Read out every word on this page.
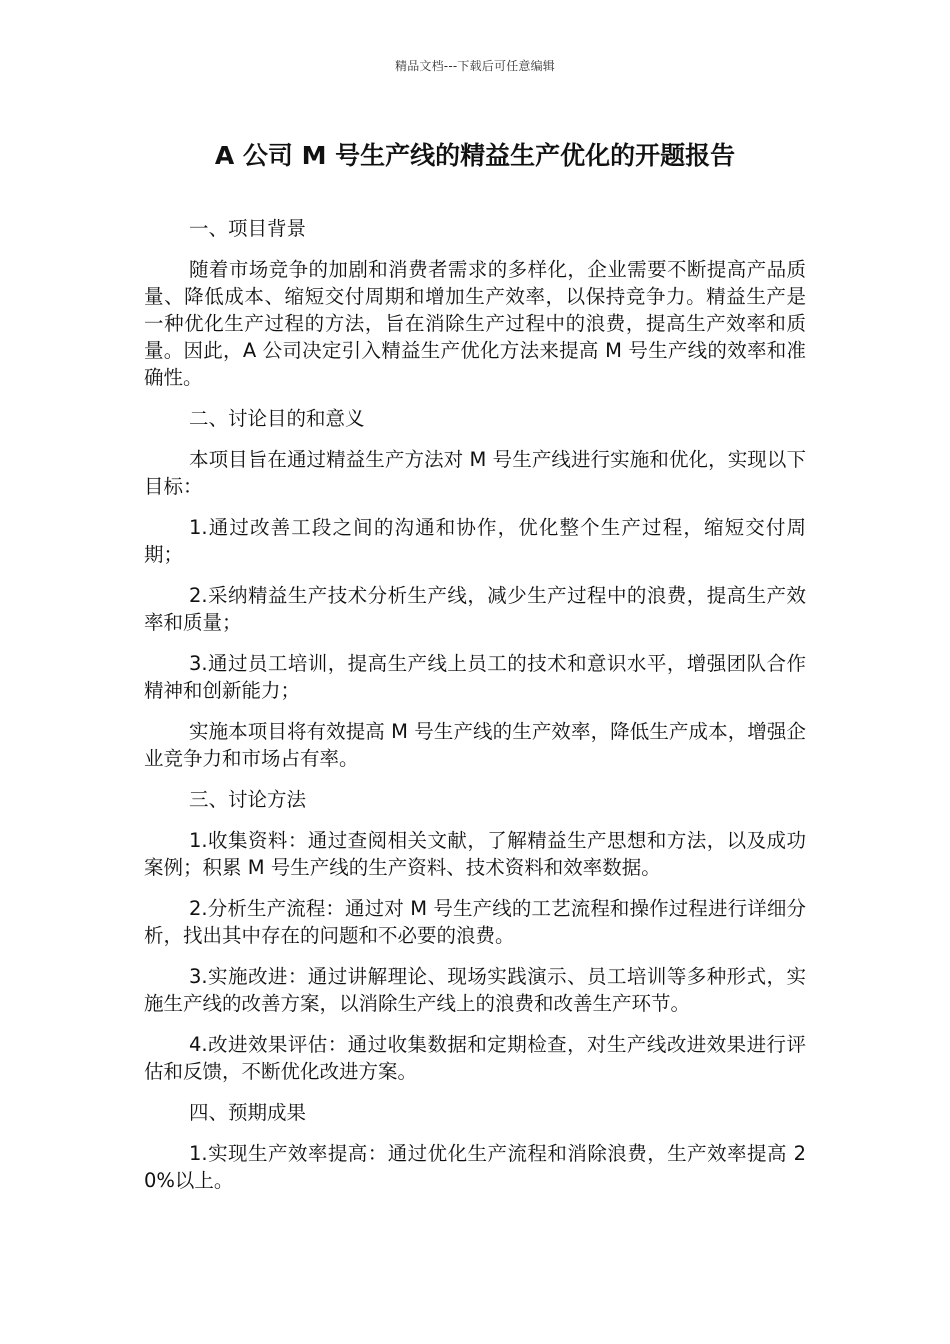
精品文档---下载后可任意编辑
A 公司 M 号生产线的精益生产优化的开题报告

一、项目背景

随着市场竞争的加剧和消费者需求的多样化，企业需要不断提高产品质量、降低成本、缩短交付周期和增加生产效率，以保持竞争力。精益生产是一种优化生产过程的方法，旨在消除生产过程中的浪费，提高生产效率和质量。因此，A 公司决定引入精益生产优化方法来提高 M 号生产线的效率和准确性。

二、讨论目的和意义

本项目旨在通过精益生产方法对 M 号生产线进行实施和优化，实现以下目标：

1.通过改善工段之间的沟通和协作，优化整个生产过程，缩短交付周期；

2.采纳精益生产技术分析生产线，减少生产过程中的浪费，提高生产效率和质量；

3.通过员工培训，提高生产线上员工的技术和意识水平，增强团队合作精神和创新能力；

实施本项目将有效提高 M 号生产线的生产效率，降低生产成本，增强企业竞争力和市场占有率。

三、讨论方法

1.收集资料：通过查阅相关文献，了解精益生产思想和方法，以及成功案例；积累 M 号生产线的生产资料、技术资料和效率数据。

2.分析生产流程：通过对 M 号生产线的工艺流程和操作过程进行详细分析，找出其中存在的问题和不必要的浪费。

3.实施改进：通过讲解理论、现场实践演示、员工培训等多种形式，实施生产线的改善方案，以消除生产线上的浪费和改善生产环节。

4.改进效果评估：通过收集数据和定期检查，对生产线改进效果进行评估和反馈，不断优化改进方案。

四、预期成果

1.实现生产效率提高：通过优化生产流程和消除浪费，生产效率提高 20%以上。
